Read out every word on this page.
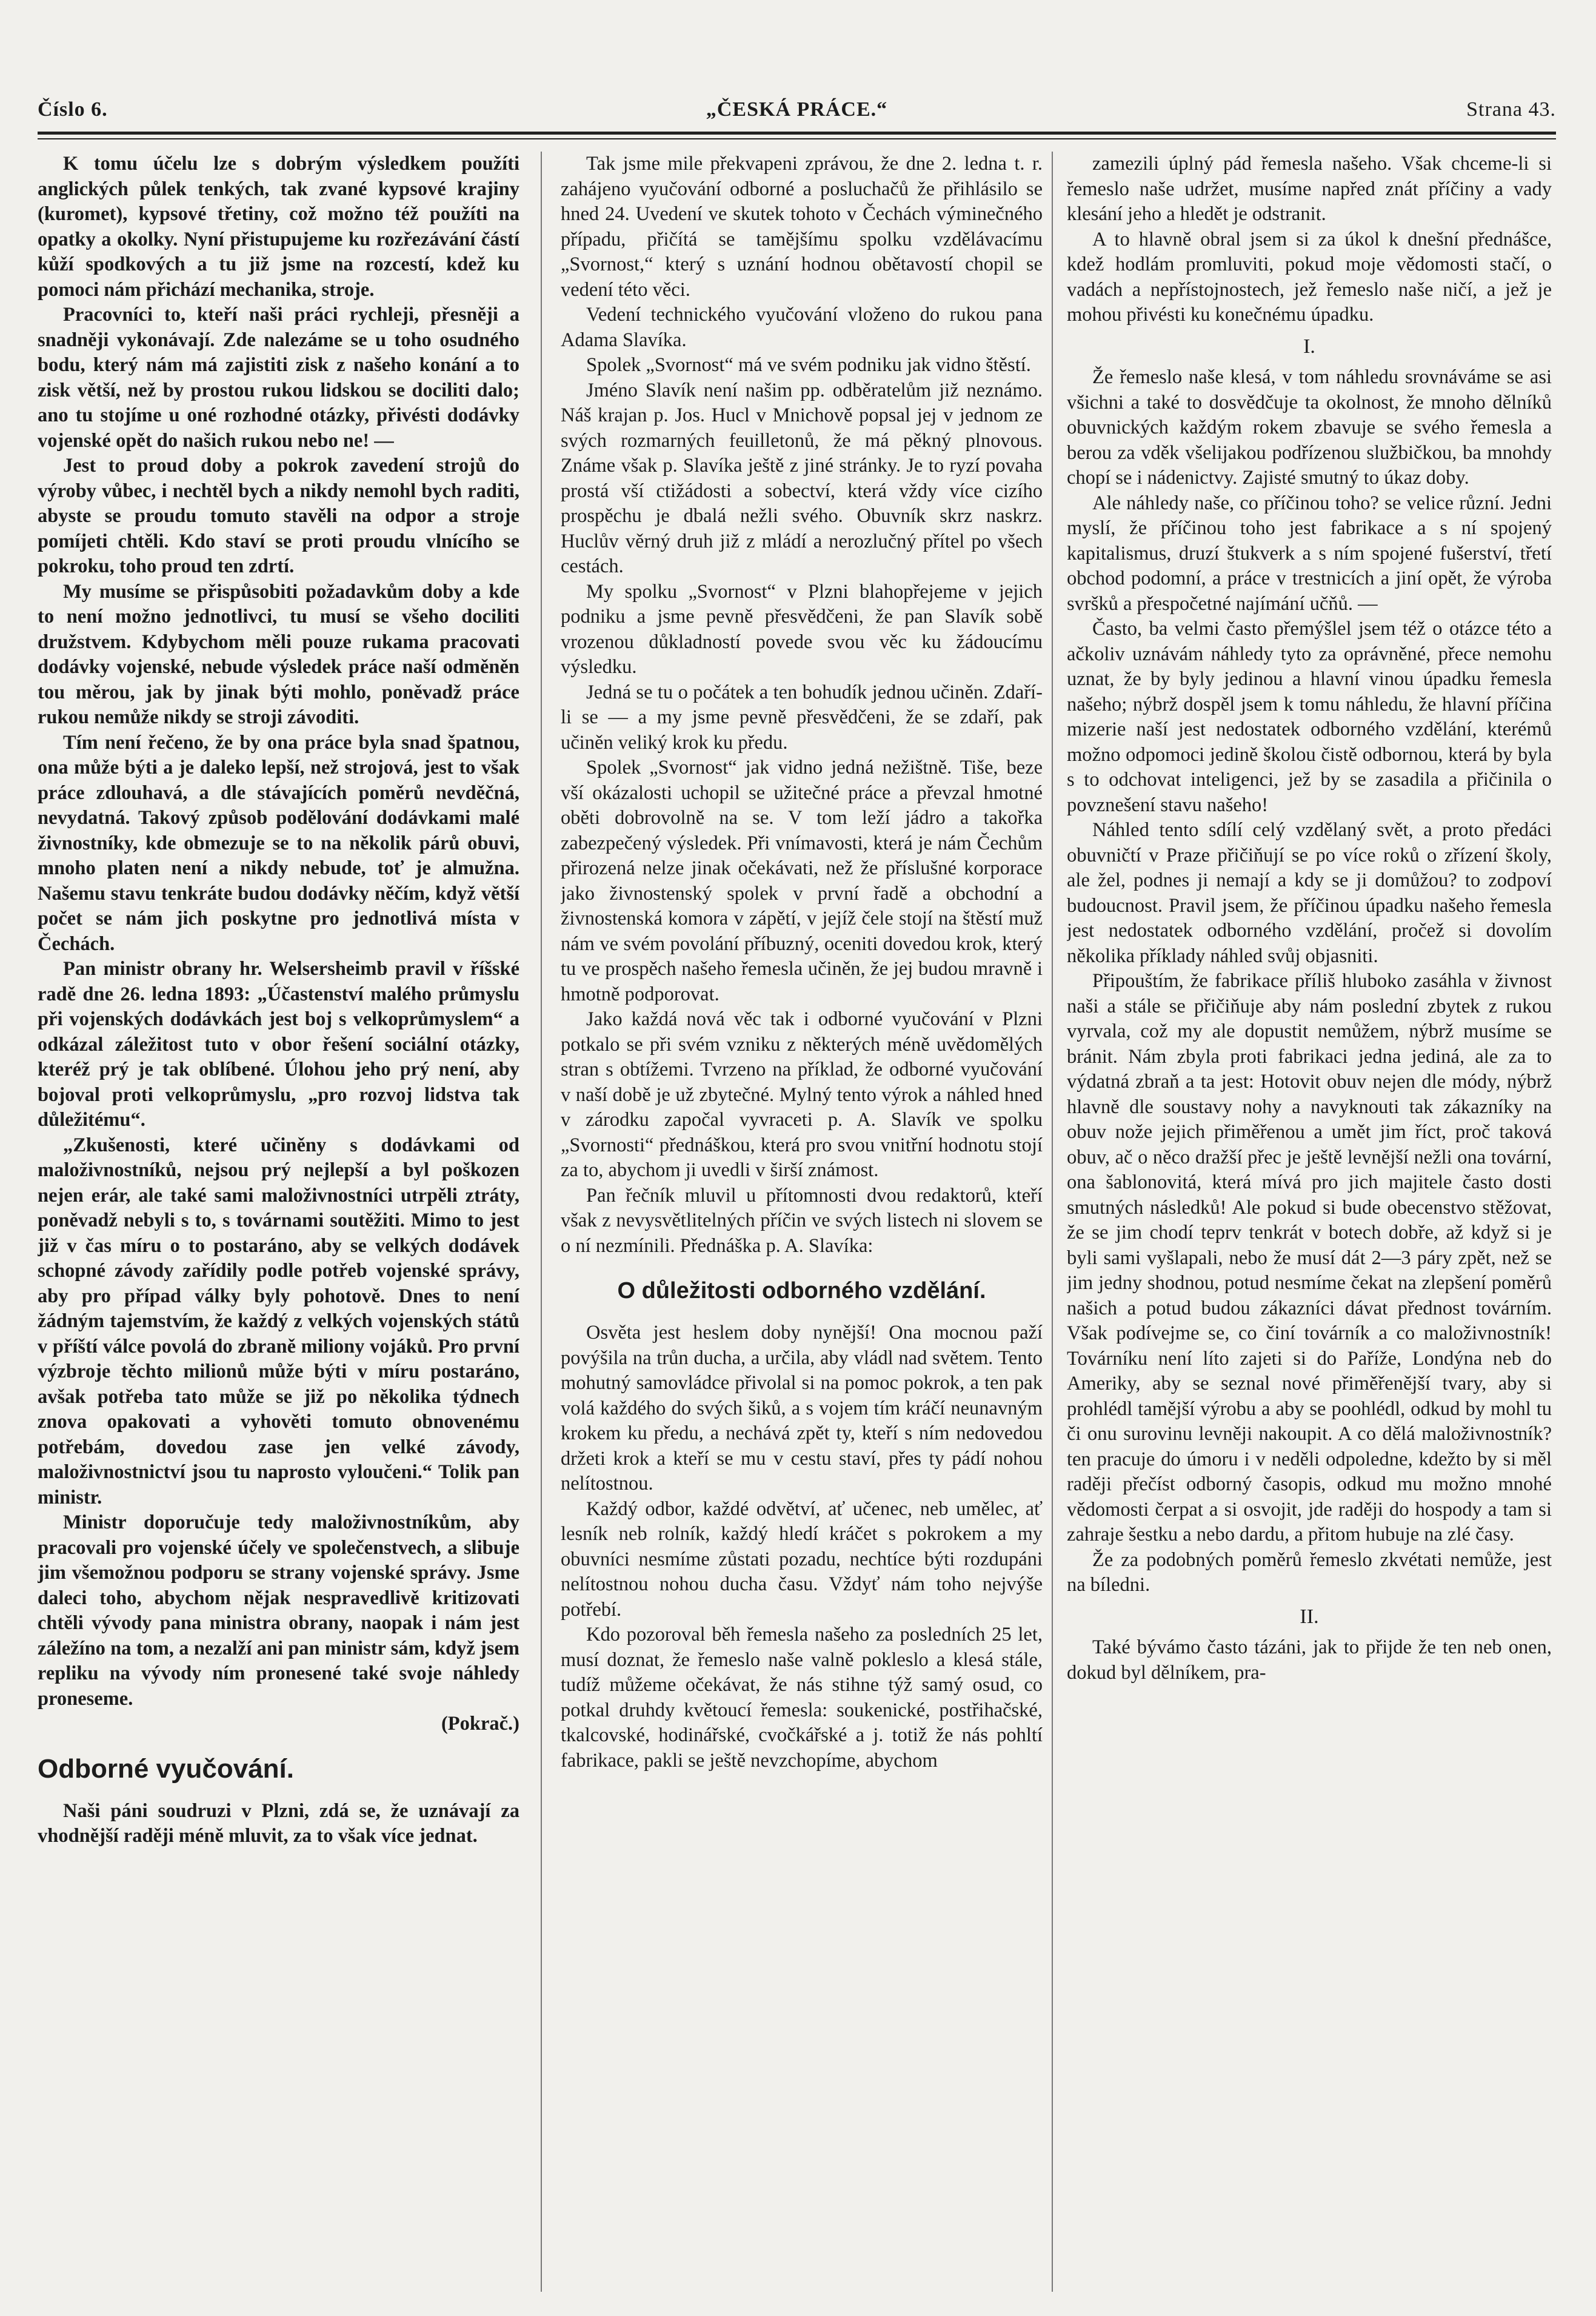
Číslo 6.	„ČESKÁ PRÁCE.“	Strana 43.

K tomu účelu lze s dobrým výsledkem použíti anglických půlek tenkých, tak zvané kypsové krajiny (kuromet), kypsové třetiny, což možno též použíti na opatky a okolky. Nyní přistupujeme ku rozřezávání částí kůží spodkových a tu již jsme na rozcestí, kdež ku pomoci nám přichází mechanika, stroje.

Pracovníci to, kteří naši práci rychleji, přesněji a snadněji vykonávají. Zde nalezáme se u toho osudného bodu, který nám má zajistiti zisk z našeho konání a to zisk větší, než by prostou rukou lidskou se dociliti dalo; ano tu stojíme u oné rozhodné otázky, přivésti dodávky vojenské opět do našich rukou nebo ne! —

Jest to proud doby a pokrok zavedení strojů do výroby vůbec, i nechtěl bych a nikdy nemohl bych raditi, abyste se proudu tomuto stavěli na odpor a stroje pomíjeti chtěli. Kdo staví se proti proudu vlnícího se pokroku, toho proud ten zdrtí.

My musíme se přispůsobiti požadavkům doby a kde to není možno jednotlivci, tu musí se všeho dociliti družstvem. Kdybychom měli pouze rukama pracovati dodávky vojenské, nebude výsledek práce naší odměněn tou měrou, jak by jinak býti mohlo, poněvadž práce rukou nemůže nikdy se stroji závoditi.

Tím není řečeno, že by ona práce byla snad špatnou, ona může býti a je daleko lepší, než strojová, jest to však práce zdlouhavá, a dle stávajících poměrů nevděčná, nevydatná. Takový způsob podělování dodávkami malé živnostníky, kde obmezuje se to na několik párů obuvi, mnoho platen není a nikdy nebude, toť je almužna. Našemu stavu tenkráte budou dodávky něčím, když větší počet se nám jich poskytne pro jednotlivá místa v Čechách.

Pan ministr obrany hr. Welsersheimb pravil v říšské radě dne 26. ledna 1893: „Účastenství malého průmyslu při vojenských dodávkách jest boj s velkoprůmyslem“ a odkázal záležitost tuto v obor řešení sociální otázky, kteréž prý je tak oblíbené. Úlohou jeho prý není, aby bojoval proti velkoprůmyslu, „pro rozvoj lidstva tak důležitému“.

„Zkušenosti, které učiněny s dodávkami od maloživnostníků, nejsou prý nejlepší a byl poškozen nejen erár, ale také sami maloživnostníci utrpěli ztráty, poněvadž nebyli s to, s továrnami soutěžiti. Mimo to jest již v čas míru o to postaráno, aby se velkých dodávek schopné závody zařídily podle potřeb vojenské správy, aby pro případ války byly pohotově. Dnes to není žádným tajemstvím, že každý z velkých vojenských států v příští válce povolá do zbraně miliony vojáků. Pro první výzbroje těchto milionů může býti v míru postaráno, avšak potřeba tato může se již po několika týdnech znova opakovati a vyhověti tomuto obnovenému potřebám, dovedou zase jen velké závody, maloživnostnictví jsou tu naprosto vyloučeni.“ Tolik pan ministr.

Ministr doporučuje tedy maloživnostníkům, aby pracovali pro vojenské účely ve společenstvech, a slibuje jim všemožnou podporu se strany vojenské správy. Jsme daleci toho, abychom nějak nespravedlivě kritizovati chtěli vývody pana ministra obrany, naopak i nám jest záležíno na tom, a nezalží ani pan ministr sám, když jsem repliku na vývody ním pronesené také svoje náhledy proneseme.

(Pokrač.)

Odborné vyučování.

Naši páni soudruzi v Plzni, zdá se, že uznávají za vhodnější raději méně mluvit, za to však více jednat.

Tak jsme mile překvapeni zprávou, že dne 2. ledna t. r. zahájeno vyučování odborné a posluchačů že přihlásilo se hned 24. Uvedení ve skutek tohoto v Čechách výminečného případu, přičítá se tamějšímu spolku vzdělávacímu „Svornost,“ který s uznání hodnou obětavostí chopil se vedení této věci.

Vedení technického vyučování vloženo do rukou pana Adama Slavíka.

Spolek „Svornost“ má ve svém podniku jak vidno štěstí.

Jméno Slavík není našim pp. odběratelům již neznámo. Náš krajan p. Jos. Hucl v Mnichově popsal jej v jednom ze svých rozmarných feuilletonů, že má pěkný plnovous. Známe však p. Slavíka ještě z jiné stránky. Je to ryzí povaha prostá vší ctižádosti a sobectví, která vždy více cizího prospěchu je dbalá nežli svého. Obuvník skrz naskrz. Huclův věrný druh již z mládí a nerozlučný přítel po všech cestách.

My spolku „Svornost“ v Plzni blahopřejeme v jejich podniku a jsme pevně přesvědčeni, že pan Slavík sobě vrozenou důkladností povede svou věc ku žádoucímu výsledku.

Jedná se tu o počátek a ten bohudík jednou učiněn. Zdaří-li se — a my jsme pevně přesvědčeni, že se zdaří, pak učiněn veliký krok ku předu.

Spolek „Svornost“ jak vidno jedná nežištně. Tiše, beze vší okázalosti uchopil se užitečné práce a převzal hmotné oběti dobrovolně na se. V tom leží jádro a takořka zabezpečený výsledek. Při vnímavosti, která je nám Čechům přirozená nelze jinak očekávati, než že příslušné korporace jako živnostenský spolek v první řadě a obchodní a živnostenská komora v zápětí, v jejíž čele stojí na štěstí muž nám ve svém povolání příbuzný, oceniti dovedou krok, který tu ve prospěch našeho řemesla učiněn, že jej budou mravně i hmotně podporovat.

Jako každá nová věc tak i odborné vyučování v Plzni potkalo se při svém vzniku z některých méně uvědomělých stran s obtížemi. Tvrzeno na příklad, že odborné vyučování v naší době je už zbytečné. Mylný tento výrok a náhled hned v zárodku započal vyvraceti p. A. Slavík ve spolku „Svornosti“ přednáškou, která pro svou vnitřní hodnotu stojí za to, abychom ji uvedli v širší známost.

Pan řečník mluvil u přítomnosti dvou redaktorů, kteří však z nevysvětlitelných příčin ve svých listech ni slovem se o ní nezmínili. Přednáška p. A. Slavíka:

O důležitosti odborného vzdělání.

Osvěta jest heslem doby nynější! Ona mocnou paží povýšila na trůn ducha, a určila, aby vládl nad světem. Tento mohutný samovládce přivolal si na pomoc pokrok, a ten pak volá každého do svých šiků, a s vojem tím kráčí neunavným krokem ku předu, a nechává zpět ty, kteří s ním nedovedou držeti krok a kteří se mu v cestu staví, přes ty pádí nohou nelítostnou.

Každý odbor, každé odvětví, ať učenec, neb umělec, ať lesník neb rolník, každý hledí kráčet s pokrokem a my obuvníci nesmíme zůstati pozadu, nechtíce býti rozdupáni nelítostnou nohou ducha času. Vždyť nám toho nejvýše potřebí.

Kdo pozoroval běh řemesla našeho za posledních 25 let, musí doznat, že řemeslo naše valně pokleslo a klesá stále, tudíž můžeme očekávat, že nás stihne týž samý osud, co potkal druhdy květoucí řemesla: soukenické, postřihačské, tkalcovské, hodinářské, cvočkářské a j. totiž že nás pohltí fabrikace, pakli se ještě nevzchopíme, abychom

zamezili úplný pád řemesla našeho. Však chceme-li si řemeslo naše udržet, musíme napřed znát příčiny a vady klesání jeho a hledět je odstranit.

A to hlavně obral jsem si za úkol k dnešní přednášce, kdež hodlám promluviti, pokud moje vědomosti stačí, o vadách a nepřístojnostech, jež řemeslo naše ničí, a jež je mohou přivésti ku konečnému úpadku.

I.

Že řemeslo naše klesá, v tom náhledu srovnáváme se asi všichni a také to dosvědčuje ta okolnost, že mnoho dělníků obuvnických každým rokem zbavuje se svého řemesla a berou za vděk všelijakou podřízenou službičkou, ba mnohdy chopí se i nádenictvy. Zajisté smutný to úkaz doby.

Ale náhledy naše, co příčinou toho? se velice různí. Jedni myslí, že příčinou toho jest fabrikace a s ní spojený kapitalismus, druzí štukverk a s ním spojené fušerství, třetí obchod podomní, a práce v trestnicích a jiní opět, že výroba svršků a přespočetné najímání učňů. —

Často, ba velmi často přemýšlel jsem též o otázce této a ačkoliv uznávám náhledy tyto za oprávněné, přece nemohu uznat, že by byly jedinou a hlavní vinou úpadku řemesla našeho; nýbrž dospěl jsem k tomu náhledu, že hlavní příčina mizerie naší jest nedostatek odborného vzdělání, kterémů možno odpomoci jedině školou čistě odbornou, která by byla s to odchovat inteligenci, jež by se zasadila a přičinila o povznešení stavu našeho!

Náhled tento sdílí celý vzdělaný svět, a proto předáci obuvničtí v Praze přičiňují se po více roků o zřízení školy, ale žel, podnes ji nemají a kdy se ji domůžou? to zodpoví budoucnost. Pravil jsem, že příčinou úpadku našeho řemesla jest nedostatek odborného vzdělání, pročež si dovolím několika příklady náhled svůj objasniti.

Připouštím, že fabrikace příliš hluboko zasáhla v živnost naši a stále se přičiňuje aby nám poslední zbytek z rukou vyrvala, což my ale dopustit nemůžem, nýbrž musíme se bránit. Nám zbyla proti fabrikaci jedna jediná, ale za to výdatná zbraň a ta jest: Hotovit obuv nejen dle módy, nýbrž hlavně dle soustavy nohy a navyknouti tak zákazníky na obuv nože jejich přiměřenou a umět jim říct, proč taková obuv, ač o něco dražší přec je ještě levnější nežli ona tovární, ona šablonovitá, která mívá pro jich majitele často dosti smutných následků! Ale pokud si bude obecenstvo stěžovat, že se jim chodí teprv tenkrát v botech dobře, až když si je byli sami vyšlapali, nebo že musí dát 2—3 páry zpět, než se jim jedny shodnou, potud nesmíme čekat na zlepšení poměrů našich a potud budou zákazníci dávat přednost továrním. Však podívejme se, co činí továrník a co maloživnostník! Továrníku není líto zajeti si do Paříže, Londýna neb do Ameriky, aby se seznal nové přiměřenější tvary, aby si prohlédl tamější výrobu a aby se poohlédl, odkud by mohl tu či onu surovinu levněji nakoupit. A co dělá maloživnostník? ten pracuje do úmoru i v neděli odpoledne, kdežto by si měl raději přečíst odborný časopis, odkud mu možno mnohé vědomosti čerpat a si osvojit, jde raději do hospody a tam si zahraje šestku a nebo dardu, a přitom hubuje na zlé časy.

Že za podobných poměrů řemeslo zkvétati nemůže, jest na bíledni.

II.

Také bývámo často tázáni, jak to přijde že ten neb onen, dokud byl dělníkem, pra-
